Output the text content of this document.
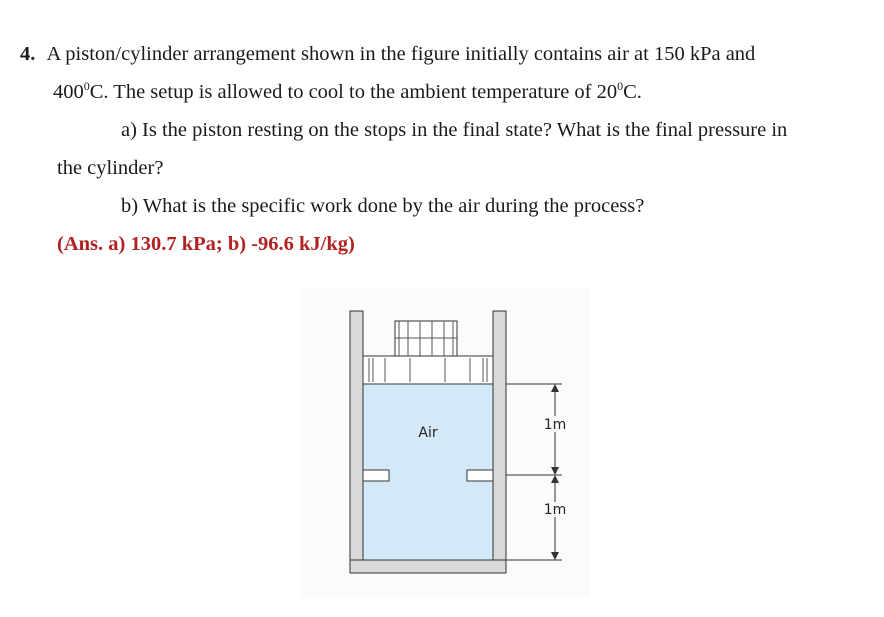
4. A piston/cylinder arrangement shown in the figure initially contains air at 150 kPa and
$400^0C$. The setup is allowed to cool to the ambient temperature of $20^0C$.
a) Is the piston resting on the stops in the final state? What is the final pressure in
the cylinder?
b) What is the specific work done by the air during the process?
(Ans. a) 130.7 kPa; b) -96.6 kJ/kg)
Air	1m
1m
